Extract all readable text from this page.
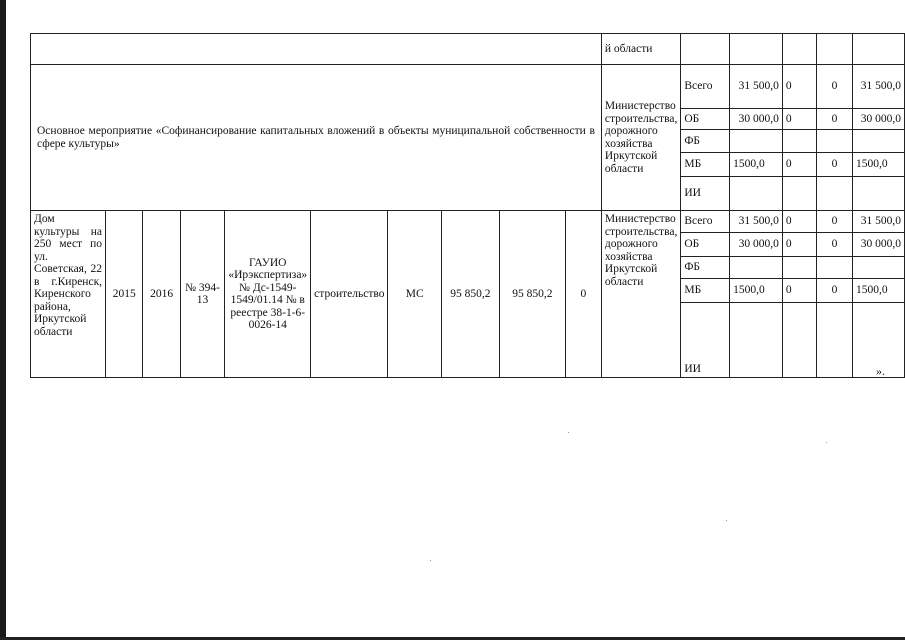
										й области					
Основное мероприятие «Софинансирование капитальных вложений в объекты муниципальной собственности в сфере культуры»										Министерство строительства, дорожного хозяйства Иркутской области	Всего	31 500,0	0	0	31 500,0
											ОБ	30 000,0	0	0	30 000,0
											ФБ				
											МБ	1500,0	0	0	1500,0
											ИИ				
Дом культуры на 250 мест по ул. Советская, 22 в г.Киренск, Киренского района, Иркутской области	2015	2016	№ 394-13	ГАУИО «Ирэкспертиза» № Дс-1549-1549/01.14 № в реестре 38-1-6-0026-14	строительство	МС	95 850,2	95 850,2	0	Министерство строительства, дорожного хозяйства Иркутской области	Всего	31 500,0	0	0	31 500,0
											ОБ	30 000,0	0	0	30 000,0
											ФБ				
											МБ	1500,0	0	0	1500,0
											ИИ					».
